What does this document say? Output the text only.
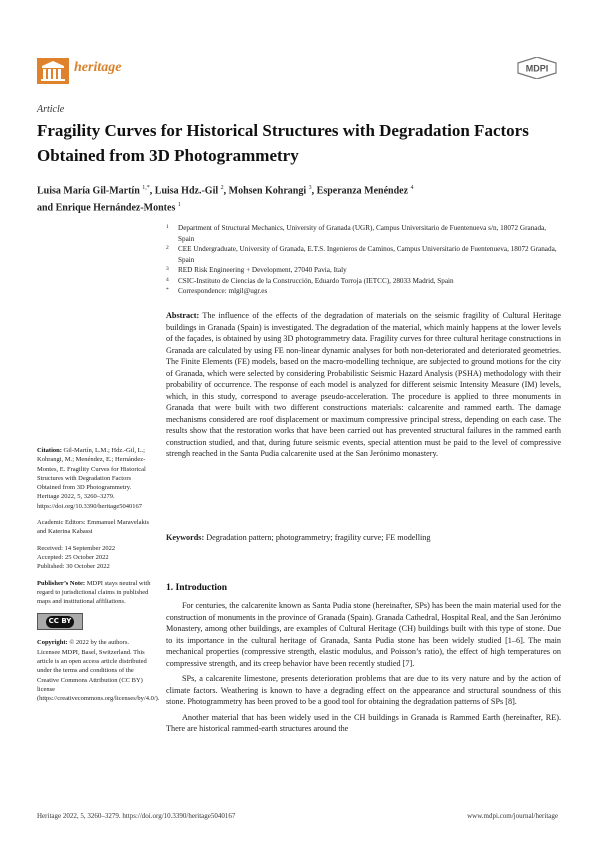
heritage	MDPI
Article
Fragility Curves for Historical Structures with Degradation Factors Obtained from 3D Photogrammetry
Luisa María Gil-Martín $^{1,*}$, Luisa Hdz.-Gil $^2$, Mohsen Kohrangi $^3$, Esperanza Menéndez $^4$
and Enrique Hernández-Montes $^1$
1 Department of Structural Mechanics, University of Granada (UGR), Campus Universitario de Fuentenueva s/n, 18072 Granada, Spain
2 CEE Undergraduate, University of Granada, E.T.S. Ingenieros de Caminos, Campus Universitario de Fuentenueva, 18072 Granada, Spain
3 RED Risk Engineering + Development, 27040 Pavia, Italy
4 CSIC-Instituto de Ciencias de la Construcción, Eduardo Torroja (IETCC), 28033 Madrid, Spain
* Correspondence: mlgil@ugr.es
Abstract: The influence of the effects of the degradation of materials on the seismic fragility of Cultural Heritage buildings in Granada (Spain) is investigated. The degradation of the material, which mainly happens at the lower levels of the façades, is obtained by using 3D photogrammetry data. Fragility curves for three cultural heritage constructions in Granada are calculated by using FE non-linear dynamic analyses for both non-deteriorated and deteriorated geometries. The Finite Elements (FE) models, based on the macro-modelling technique, are subjected to ground motions for the city of Granada, which were selected by considering Probabilistic Seismic Hazard Analysis (PSHA) methodology with their probability of occurrence. The response of each model is analyzed for different seismic Intensity Measure (IM) levels, which, in this study, correspond to average pseudo-acceleration. The procedure is applied to three monuments in Granada that were built with two different constructions materials: calcarenite and rammed earth. The damage mechanisms considered are roof displacement or maximum compressive principal stress, depending on each case. The results show that the restoration works that have been carried out has prevented structural failures in the rammed earth construction studied, and that, during future seismic events, special attention must be paid to the level of compressive strengh reached in the Santa Pudia calcarenite used at the San Jerónimo monastery.
Keywords: Degradation pattern; photogrammetry; fragility curve; FE modelling

Citation: Gil-Martín, L.M.; Hdz.-Gil, L.; Kohrangi, M.; Menéndez, E.; Hernández-Montes, E. Fragility Curves for Historical Structures with Degradation Factors Obtained from 3D Photogrammetry. Heritage 2022, 5, 3260–3279. https://doi.org/10.3390/heritage5040167

Academic Editors: Emmanuel Maravelakis and Katerina Kabassi

Received: 14 September 2022
Accepted: 25 October 2022
Published: 30 October 2022

Publisher’s Note: MDPI stays neutral with regard to jurisdictional claims in published maps and institutional affiliations.

CC BY

Copyright: © 2022 by the authors. Licensee MDPI, Basel, Switzerland. This article is an open access article distributed under the terms and conditions of the Creative Commons Attribution (CC BY) license (https://creativecommons.org/licenses/by/4.0/).

1. Introduction

For centuries, the calcarenite known as Santa Pudia stone (hereinafter, SPs) has been the main material used for the construction of monuments in the province of Granada (Spain). Granada Cathedral, Hospital Real, and the San Jerónimo Monastery, among other buildings, are examples of Cultural Heritage (CH) buildings built with this type of stone. Due to its importance in the cultural heritage of Granada, Santa Pudia stone has been widely studied [1–6]. The main mechanical properties (compressive strength, elastic modulus, and Poisson’s ratio), the effect of high temperatures on compressive strength, and its creep behavior have been recently studied [7].

SPs, a calcarenite limestone, presents deterioration problems that are due to its very nature and by the action of climate factors. Weathering is known to have a degrading effect on the appearance and structural soundness of this stone. Photogrammetry has been proved to be a good tool for obtaining the degradation patterns of SPs [8].

Another material that has been widely used in the CH buildings in Granada is Rammed Earth (hereinafter, RE). There are historical rammed-earth structures around the

Heritage 2022, 5, 3260–3279. https://doi.org/10.3390/heritage5040167	www.mdpi.com/journal/heritage
